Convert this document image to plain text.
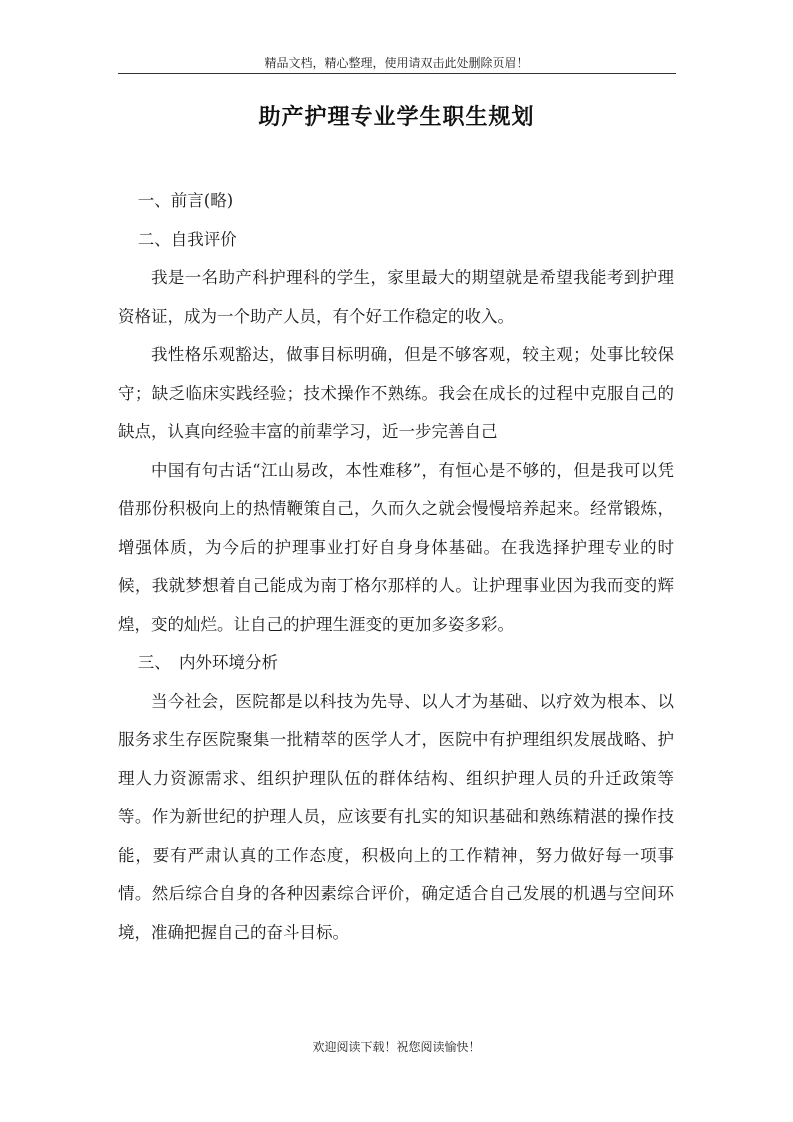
精品文档，精心整理，使用请双击此处删除页眉！
助产护理专业学生职生规划

一、前言(略)

二、自我评价

我是一名助产科护理科的学生，家里最大的期望就是希望我能考到护理资格证，成为一个助产人员，有个好工作稳定的收入。

我性格乐观豁达，做事目标明确，但是不够客观，较主观；处事比较保守；缺乏临床实践经验；技术操作不熟练。我会在成长的过程中克服自己的缺点，认真向经验丰富的前辈学习，近一步完善自己

中国有句古话“江山易改，本性难移”，有恒心是不够的，但是我可以凭借那份积极向上的热情鞭策自己，久而久之就会慢慢培养起来。经常锻炼，增强体质，为今后的护理事业打好自身身体基础。在我选择护理专业的时候，我就梦想着自己能成为南丁格尔那样的人。让护理事业因为我而变的辉煌，变的灿烂。让自己的护理生涯变的更加多姿多彩。

三、　内外环境分析

当今社会，医院都是以科技为先导、以人才为基础、以疗效为根本、以服务求生存医院聚集一批精萃的医学人才，医院中有护理组织发展战略、护理人力资源需求、组织护理队伍的群体结构、组织护理人员的升迁政策等等。作为新世纪的护理人员，应该要有扎实的知识基础和熟练精湛的操作技能，要有严肃认真的工作态度，积极向上的工作精神，努力做好每一项事情。然后综合自身的各种因素综合评价，确定适合自己发展的机遇与空间环境，准确把握自己的奋斗目标。

欢迎阅读下载！祝您阅读愉快！
